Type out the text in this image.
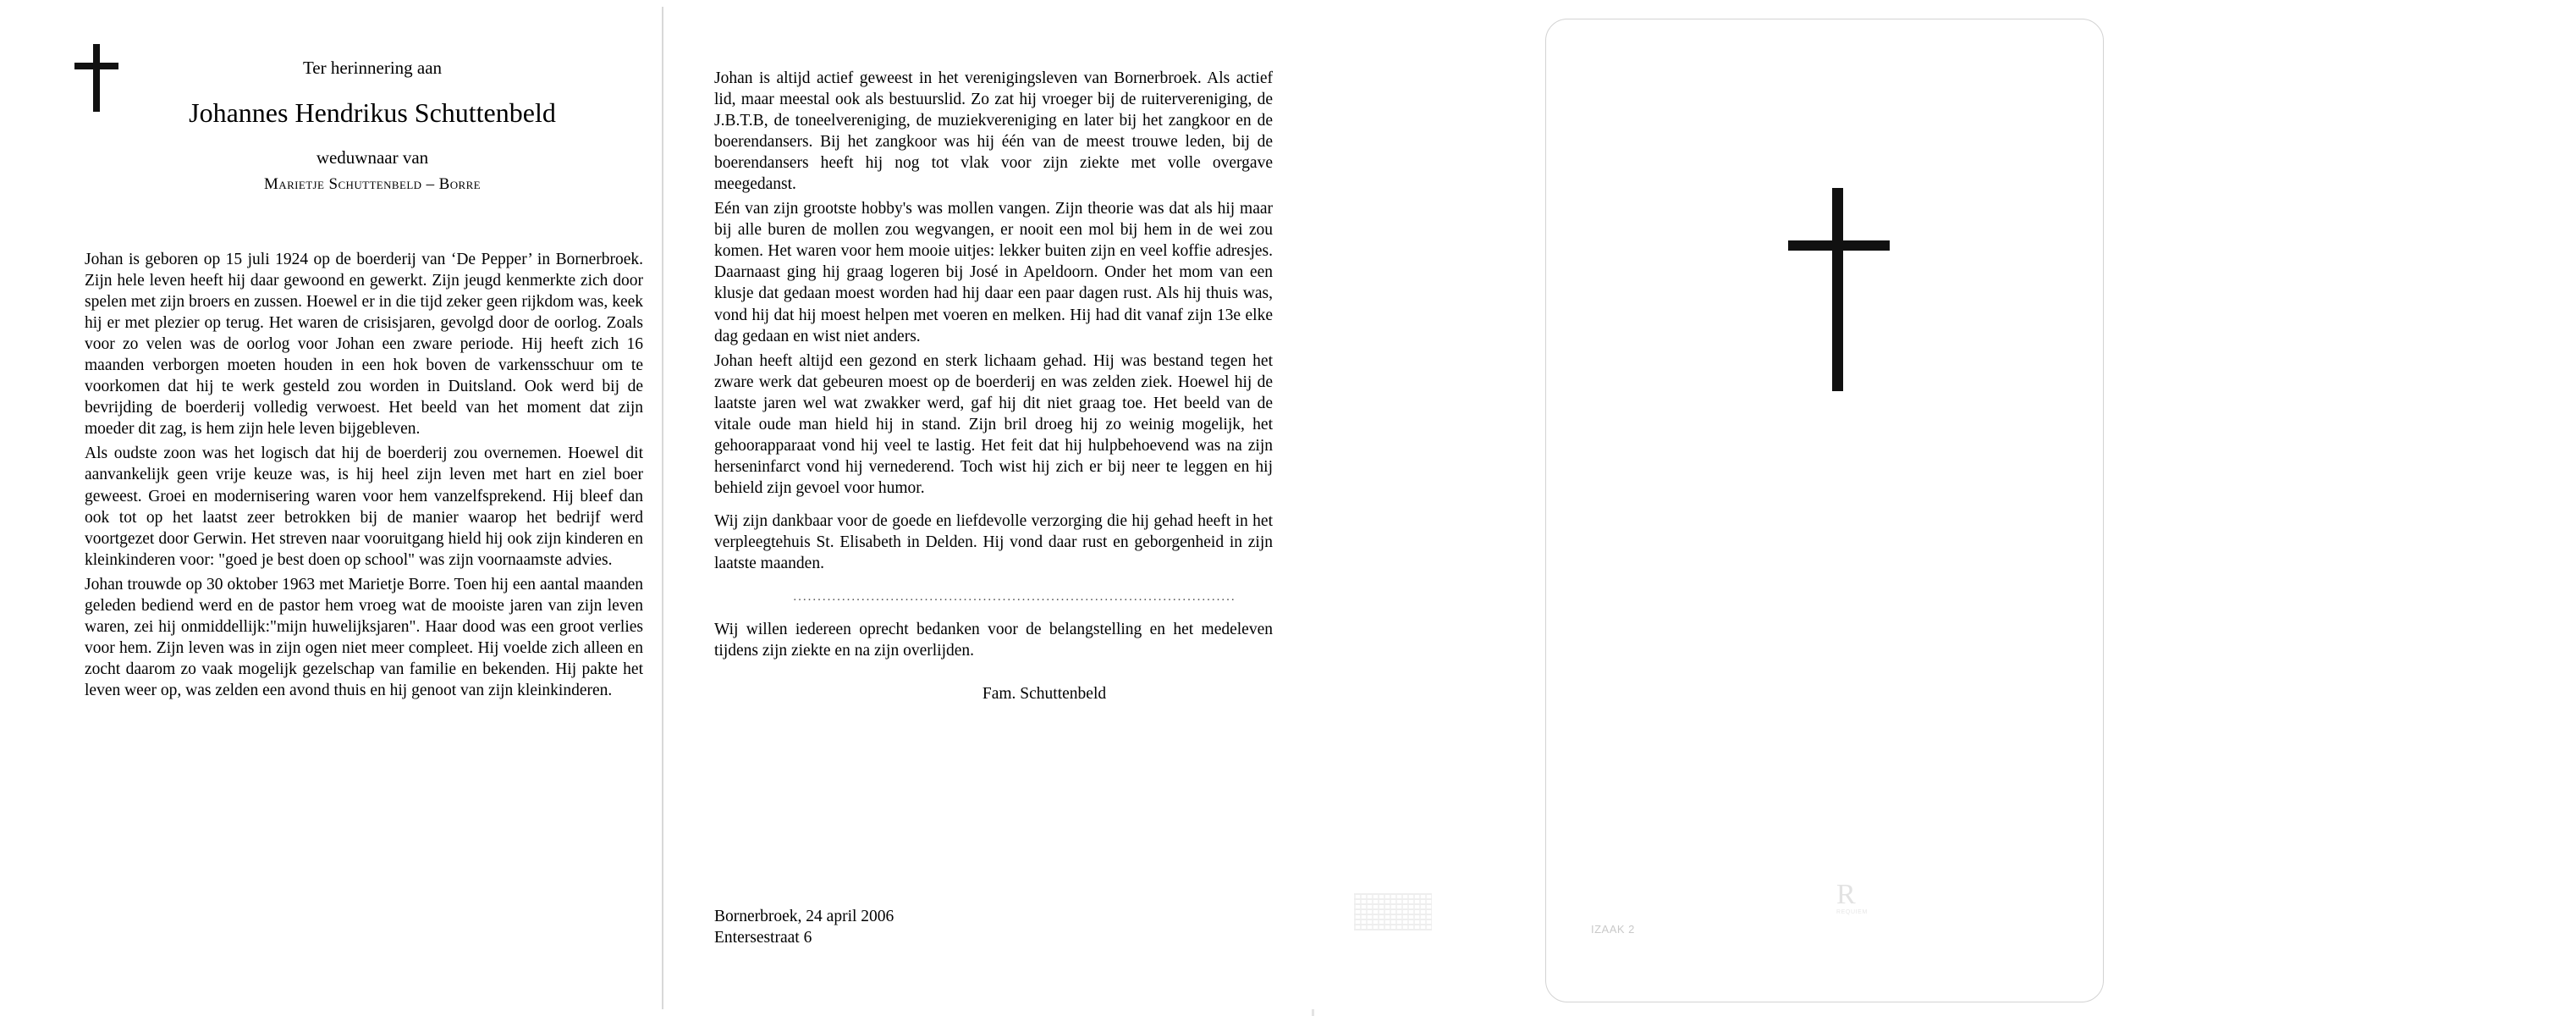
Ter herinnering aan
Johannes Hendrikus Schuttenbeld
weduwnaar van
Marietje Schuttenbeld – Borre

Johan is geboren op 15 juli 1924 op de boerderij van ‘De Pepper’ in Bornerbroek. Zijn hele leven heeft hij daar gewoond en gewerkt. Zijn jeugd kenmerkte zich door spelen met zijn broers en zussen. Hoewel er in die tijd zeker geen rijkdom was, keek hij er met plezier op terug. Het waren de crisisjaren, gevolgd door de oorlog. Zoals voor zo velen was de oorlog voor Johan een zware periode. Hij heeft zich 16 maanden verborgen moeten houden in een hok boven de varkensschuur om te voorkomen dat hij te werk gesteld zou worden in Duitsland. Ook werd bij de bevrijding de boerderij volledig verwoest. Het beeld van het moment dat zijn moeder dit zag, is hem zijn hele leven bijgebleven.

Als oudste zoon was het logisch dat hij de boerderij zou overnemen. Hoewel dit aanvankelijk geen vrije keuze was, is hij heel zijn leven met hart en ziel boer geweest. Groei en modernisering waren voor hem vanzelfsprekend. Hij bleef dan ook tot op het laatst zeer betrokken bij de manier waarop het bedrijf werd voortgezet door Gerwin. Het streven naar vooruitgang hield hij ook zijn kinderen en kleinkinderen voor: "goed je best doen op school" was zijn voornaamste advies.

Johan trouwde op 30 oktober 1963 met Marietje Borre. Toen hij een aantal maanden geleden bediend werd en de pastor hem vroeg wat de mooiste jaren van zijn leven waren, zei hij onmiddellijk:"mijn huwelijksjaren". Haar dood was een groot verlies voor hem. Zijn leven was in zijn ogen niet meer compleet. Hij voelde zich alleen en zocht daarom zo vaak mogelijk gezelschap van familie en bekenden. Hij pakte het leven weer op, was zelden een avond thuis en hij genoot van zijn kleinkinderen.

Johan is altijd actief geweest in het verenigingsleven van Bornerbroek. Als actief lid, maar meestal ook als bestuurslid. Zo zat hij vroeger bij de ruitervereniging, de J.B.T.B, de toneelvereniging, de muziekvereniging en later bij het zangkoor en de boerendansers. Bij het zangkoor was hij één van de meest trouwe leden, bij de boerendansers heeft hij nog tot vlak voor zijn ziekte met volle overgave meegedanst.

Eén van zijn grootste hobby's was mollen vangen. Zijn theorie was dat als hij maar bij alle buren de mollen zou wegvangen, er nooit een mol bij hem in de wei zou komen. Het waren voor hem mooie uitjes: lekker buiten zijn en veel koffie adresjes. Daarnaast ging hij graag logeren bij José in Apeldoorn. Onder het mom van een klusje dat gedaan moest worden had hij daar een paar dagen rust. Als hij thuis was, vond hij dat hij moest helpen met voeren en melken. Hij had dit vanaf zijn 13e elke dag gedaan en wist niet anders.

Johan heeft altijd een gezond en sterk lichaam gehad. Hij was bestand tegen het zware werk dat gebeuren moest op de boerderij en was zelden ziek. Hoewel hij de laatste jaren wel wat zwakker werd, gaf hij dit niet graag toe. Het beeld van de vitale oude man hield hij in stand. Zijn bril droeg hij zo weinig mogelijk, het gehoorapparaat vond hij veel te lastig. Het feit dat hij hulpbehoevend was na zijn herseninfarct vond hij vernederend. Toch wist hij zich er bij neer te leggen en hij behield zijn gevoel voor humor.

Wij zijn dankbaar voor de goede en liefdevolle verzorging die hij gehad heeft in het verpleegtehuis St. Elisabeth in Delden. Hij vond daar rust en geborgenheid in zijn laatste maanden.

...........................................................................................

Wij willen iedereen oprecht bedanken voor de belangstelling en het medeleven tijdens zijn ziekte en na zijn overlijden.

Fam. Schuttenbeld
Bornerbroek, 24 april 2006
Entersestraat 6	IZAAK 2
R
REQUIEM
